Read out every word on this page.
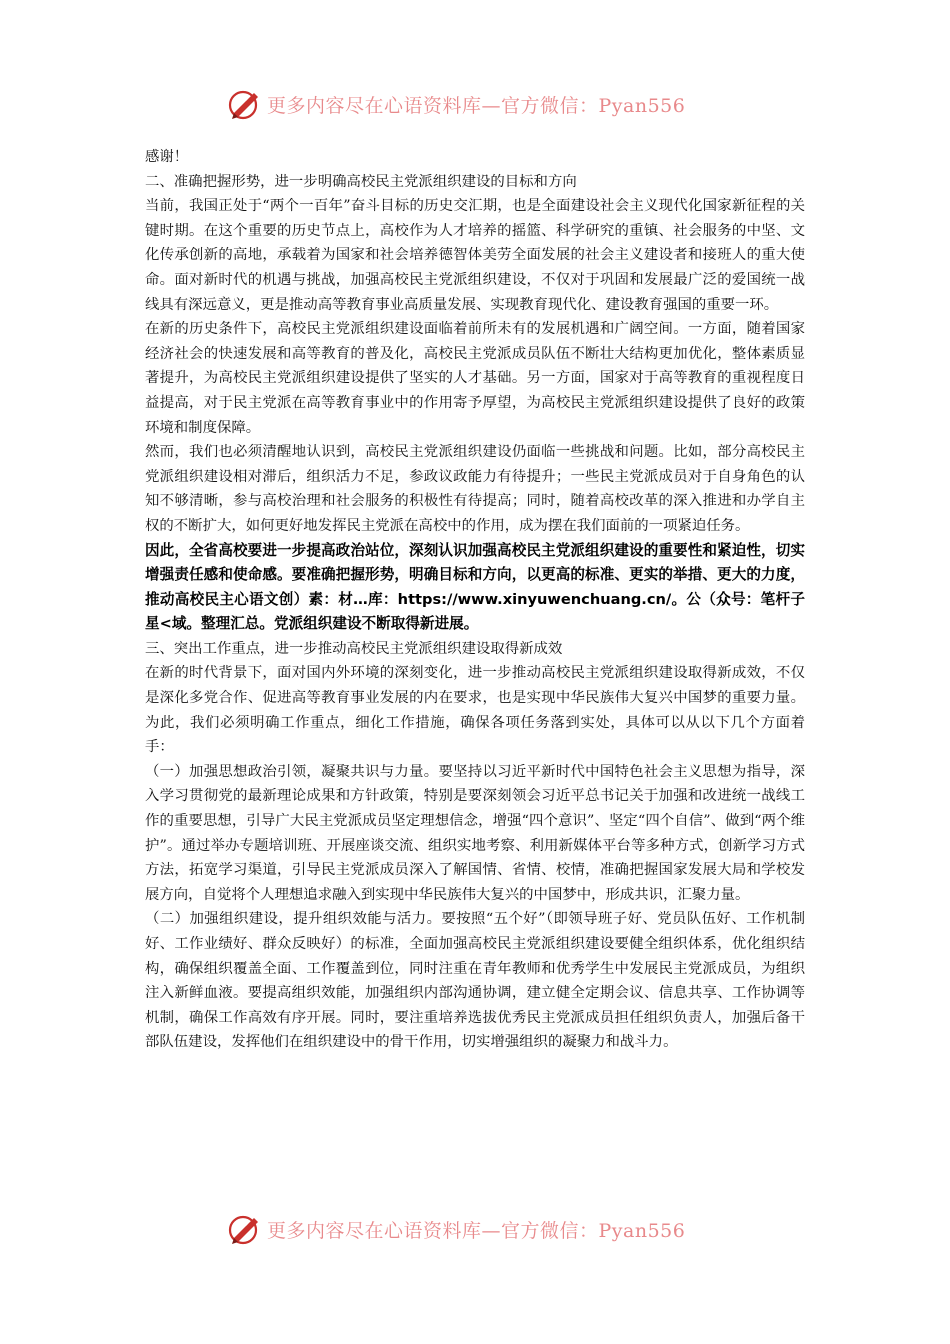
更多内容尽在心语资料库—官方微信：Pyan556

感谢！

二、准确把握形势，进一步明确高校民主党派组织建设的目标和方向

当前，我国正处于“两个一百年”奋斗目标的历史交汇期，也是全面建设社会主义现代化国家新征程的关键时期。在这个重要的历史节点上，高校作为人才培养的摇篮、科学研究的重镇、社会服务的中坚、文化传承创新的高地，承载着为国家和社会培养德智体美劳全面发展的社会主义建设者和接班人的重大使命。面对新时代的机遇与挑战，加强高校民主党派组织建设，不仅对于巩固和发展最广泛的爱国统一战线具有深远意义，更是推动高等教育事业高质量发展、实现教育现代化、建设教育强国的重要一环。

在新的历史条件下，高校民主党派组织建设面临着前所未有的发展机遇和广阔空间。一方面，随着国家经济社会的快速发展和高等教育的普及化，高校民主党派成员队伍不断壮大结构更加优化，整体素质显著提升，为高校民主党派组织建设提供了坚实的人才基础。另一方面，国家对于高等教育的重视程度日益提高，对于民主党派在高等教育事业中的作用寄予厚望，为高校民主党派组织建设提供了良好的政策环境和制度保障。

然而，我们也必须清醒地认识到，高校民主党派组织建设仍面临一些挑战和问题。比如，部分高校民主党派组织建设相对滞后，组织活力不足，参政议政能力有待提升；一些民主党派成员对于自身角色的认知不够清晰，参与高校治理和社会服务的积极性有待提高；同时，随着高校改革的深入推进和办学自主权的不断扩大，如何更好地发挥民主党派在高校中的作用，成为摆在我们面前的一项紧迫任务。

因此，全省高校要进一步提高政治站位，深刻认识加强高校民主党派组织建设的重要性和紧迫性，切实增强责任感和使命感。要准确把握形势，明确目标和方向，以更高的标准、更实的举措、更大的力度，推动高校民主心语文创）素：材…库：https://www.xinyuwenchuang.cn/。公（众号：笔杆子星<域。整理汇总。党派组织建设不断取得新进展。

三、突出工作重点，进一步推动高校民主党派组织建设取得新成效

在新的时代背景下，面对国内外环境的深刻变化，进一步推动高校民主党派组织建设取得新成效，不仅是深化多党合作、促进高等教育事业发展的内在要求，也是实现中华民族伟大复兴中国梦的重要力量。为此，我们必须明确工作重点，细化工作措施，确保各项任务落到实处，具体可以从以下几个方面着手：

（一）加强思想政治引领，凝聚共识与力量。要坚持以习近平新时代中国特色社会主义思想为指导，深入学习贯彻党的最新理论成果和方针政策，特别是要深刻领会习近平总书记关于加强和改进统一战线工作的重要思想，引导广大民主党派成员坚定理想信念，增强“四个意识”、坚定“四个自信”、做到“两个维护”。通过举办专题培训班、开展座谈交流、组织实地考察、利用新媒体平台等多种方式，创新学习方式方法，拓宽学习渠道，引导民主党派成员深入了解国情、省情、校情，准确把握国家发展大局和学校发展方向，自觉将个人理想追求融入到实现中华民族伟大复兴的中国梦中，形成共识，汇聚力量。

（二）加强组织建设，提升组织效能与活力。要按照“五个好”（即领导班子好、党员队伍好、工作机制好、工作业绩好、群众反映好）的标准，全面加强高校民主党派组织建设要健全组织体系，优化组织结构，确保组织覆盖全面、工作覆盖到位，同时注重在青年教师和优秀学生中发展民主党派成员，为组织注入新鲜血液。要提高组织效能，加强组织内部沟通协调，建立健全定期会议、信息共享、工作协调等机制，确保工作高效有序开展。同时，要注重培养选拔优秀民主党派成员担任组织负责人，加强后备干部队伍建设，发挥他们在组织建设中的骨干作用，切实增强组织的凝聚力和战斗力。

更多内容尽在心语资料库—官方微信：Pyan556
